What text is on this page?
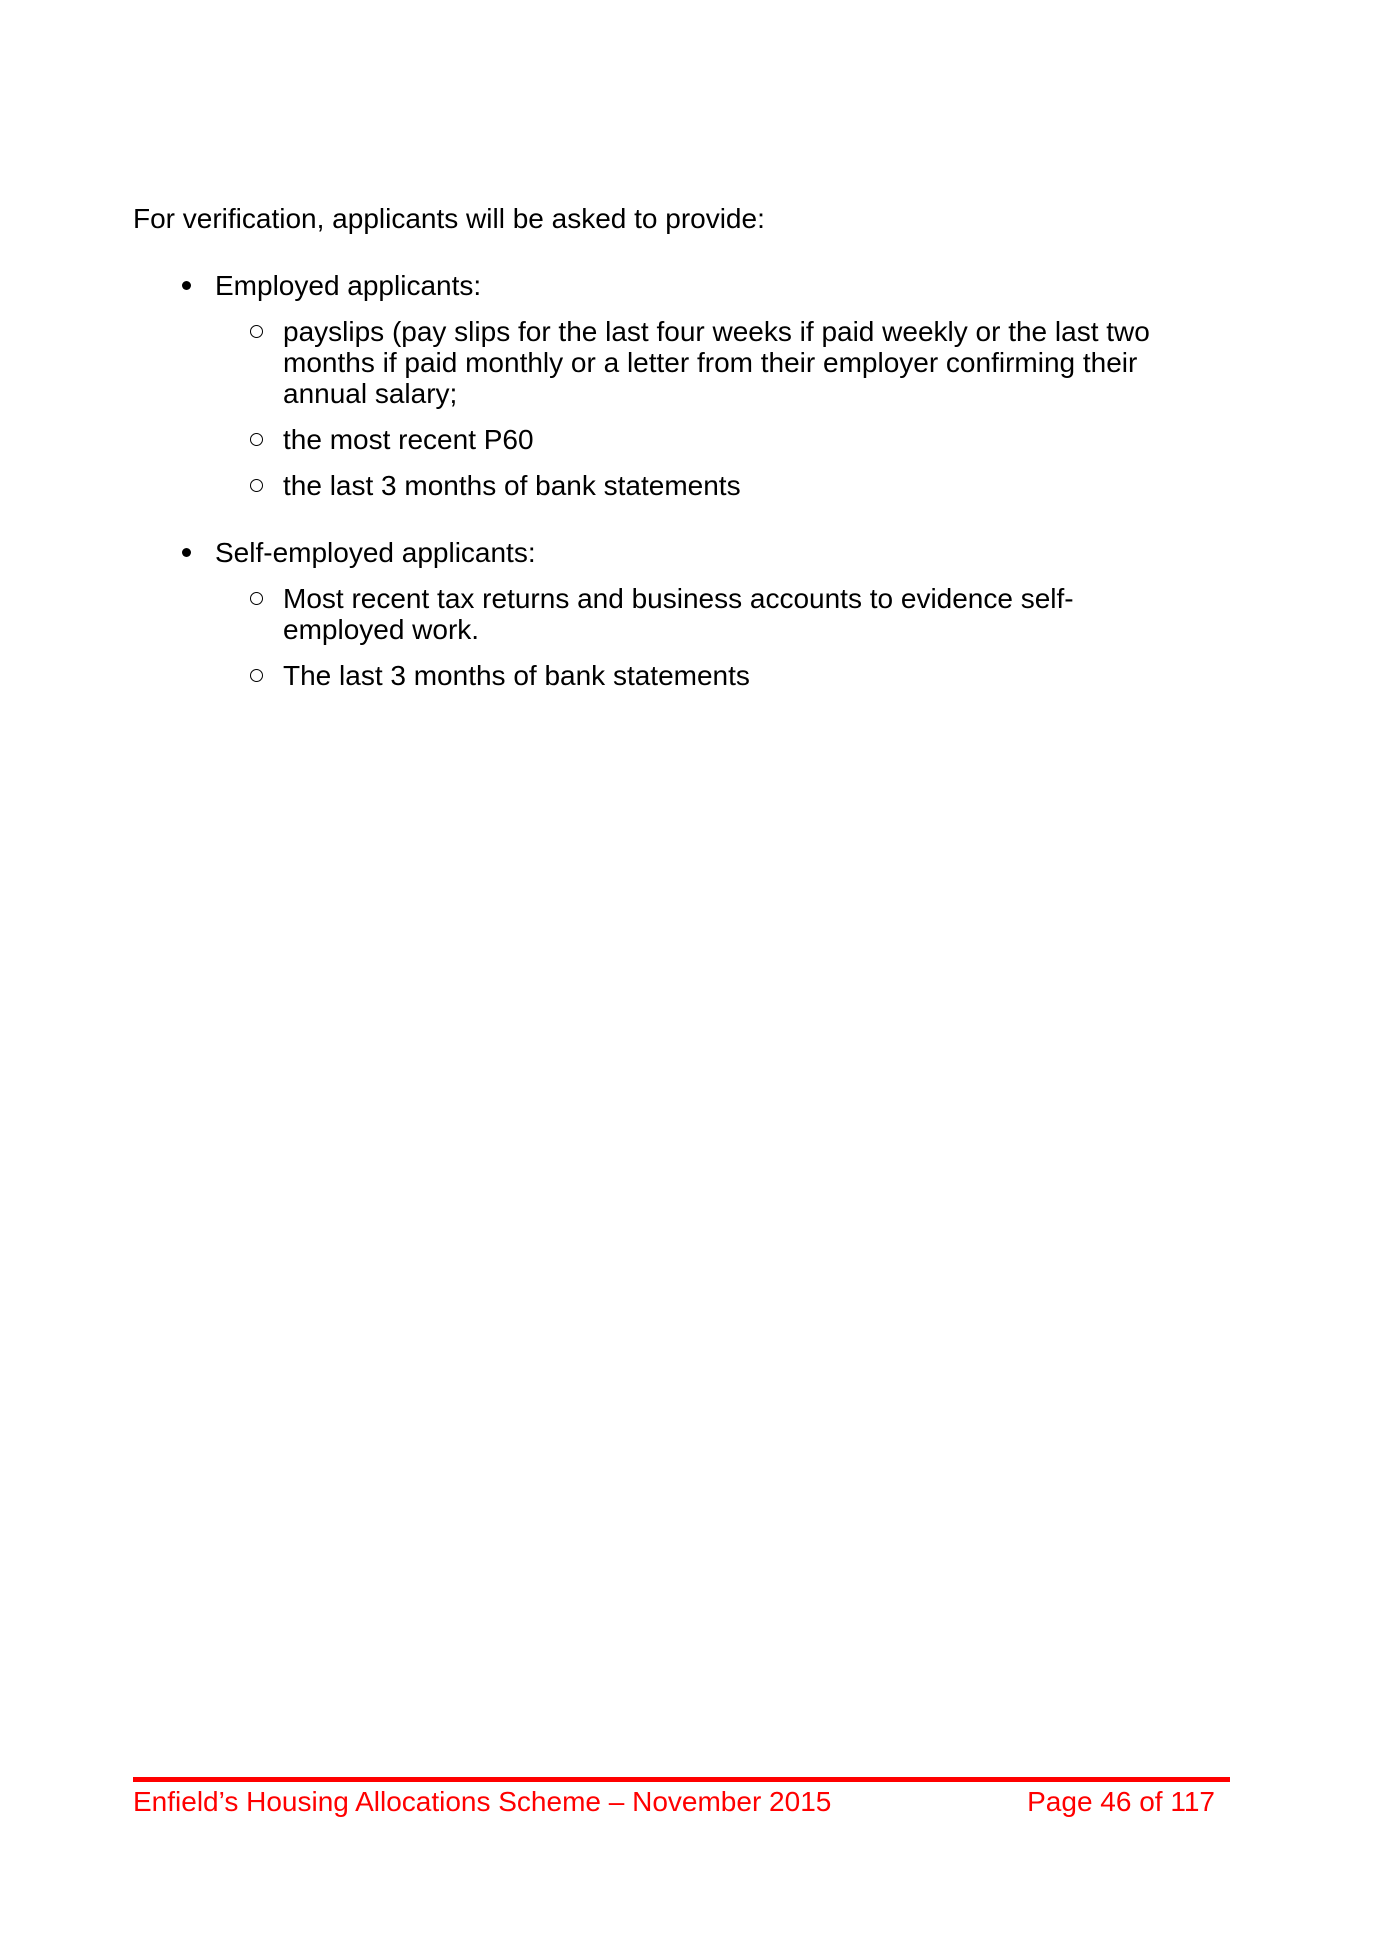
For verification, applicants will be asked to provide:

Employed applicants:
payslips (pay slips for the last four weeks if paid weekly or the last two months if paid monthly or a letter from their employer confirming their annual salary;
the most recent P60
the last 3 months of bank statements
Self-employed applicants:
Most recent tax returns and business accounts to evidence self-employed work.
The last 3 months of bank statements
Enfield’s Housing Allocations Scheme – November 2015	Page 46 of 117
